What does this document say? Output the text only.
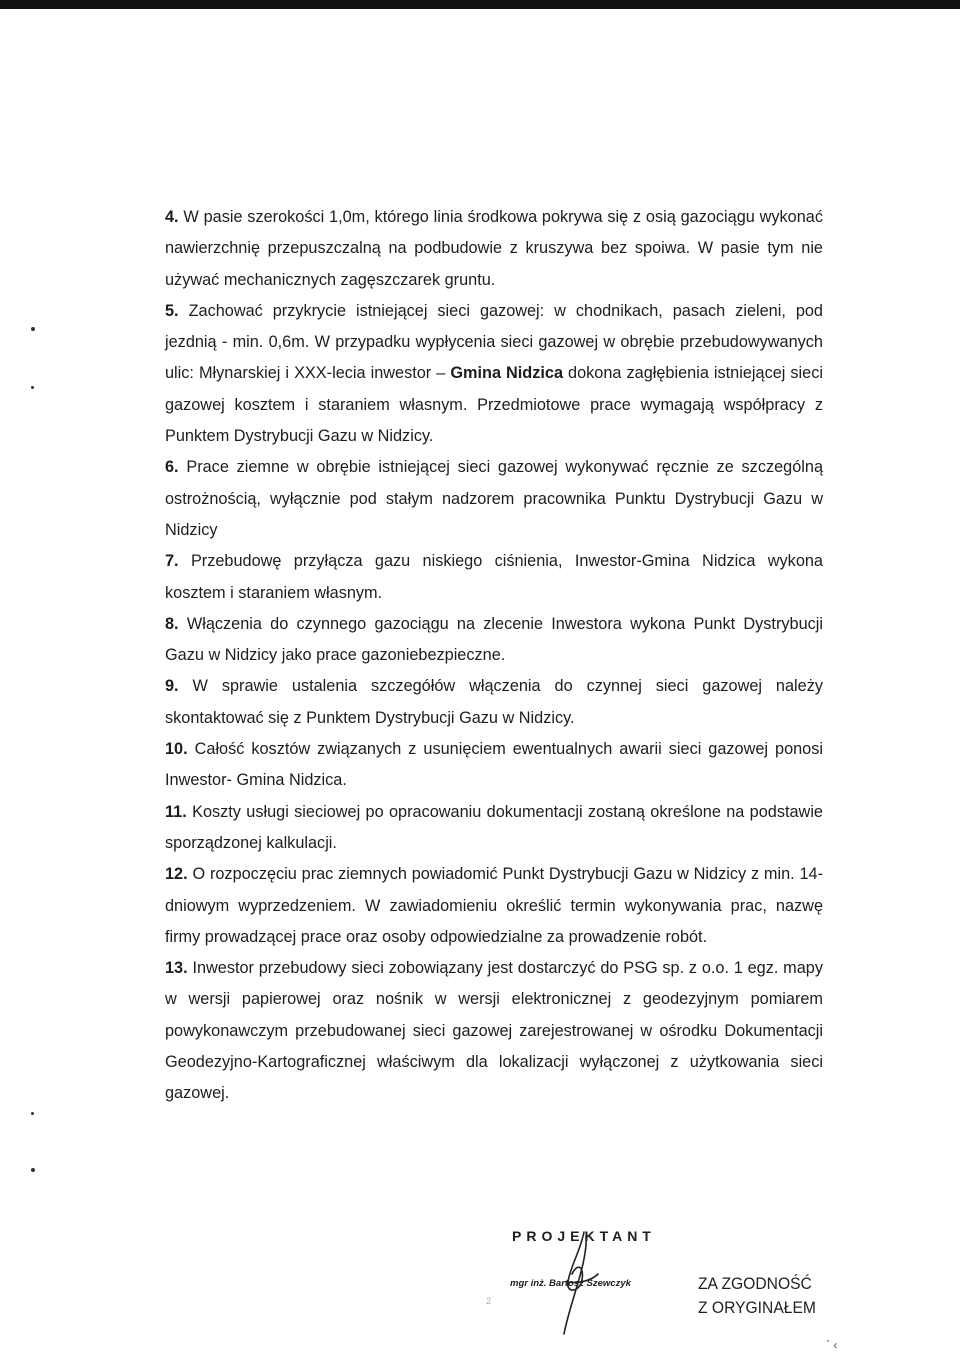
4. W pasie szerokości 1,0m, którego linia środkowa pokrywa się z osią gazociągu wykonać nawierzchnię przepuszczalną na podbudowie z kruszywa bez spoiwa. W pasie tym nie używać mechanicznych zagęszczarek gruntu.

5. Zachować przykrycie istniejącej sieci gazowej: w chodnikach, pasach zieleni, pod jezdnią - min. 0,6m. W przypadku wypłycenia sieci gazowej w obrębie przebudowywanych ulic: Młynarskiej i XXX-lecia inwestor – Gmina Nidzica dokona zagłębienia istniejącej sieci gazowej kosztem i staraniem własnym. Przedmiotowe prace wymagają współpracy z Punktem Dystrybucji Gazu w Nidzicy.

6. Prace ziemne w obrębie istniejącej sieci gazowej wykonywać ręcznie ze szczególną ostrożnością, wyłącznie pod stałym nadzorem pracownika Punktu Dystrybucji Gazu w Nidzicy

7. Przebudowę przyłącza gazu niskiego ciśnienia, Inwestor-Gmina Nidzica wykona kosztem i staraniem własnym.

8. Włączenia do czynnego gazociągu na zlecenie Inwestora wykona Punkt Dystrybucji Gazu w Nidzicy jako prace gazoniebezpieczne.

9. W sprawie ustalenia szczegółów włączenia do czynnej sieci gazowej należy skontaktować się z Punktem Dystrybucji Gazu w Nidzicy.

10. Całość kosztów związanych z usunięciem ewentualnych awarii sieci gazowej ponosi Inwestor- Gmina Nidzica.

11. Koszty usługi sieciowej po opracowaniu dokumentacji zostaną określone na podstawie sporządzonej kalkulacji.

12. O rozpoczęciu prac ziemnych powiadomić Punkt Dystrybucji Gazu w Nidzicy z min. 14-dniowym wyprzedzeniem. W zawiadomieniu określić termin wykonywania prac, nazwę firmy prowadzącej prace oraz osoby odpowiedzialne za prowadzenie robót.

13. Inwestor przebudowy sieci zobowiązany jest dostarczyć do PSG sp. z o.o. 1 egz. mapy w wersji papierowej oraz nośnik w wersji elektronicznej z geodezyjnym pomiarem powykonawczym przebudowanej sieci gazowej zarejestrowanej w ośrodku Dokumentacji Geodezyjno-Kartograficznej właściwym dla lokalizacji wyłączonej z użytkowania sieci gazowej.

PROJEKTANT
mgr inż. Bartosz Szewczyk
2
ZA ZGODNOŚĆ
Z ORYGINAŁEM
᾽ ‹
